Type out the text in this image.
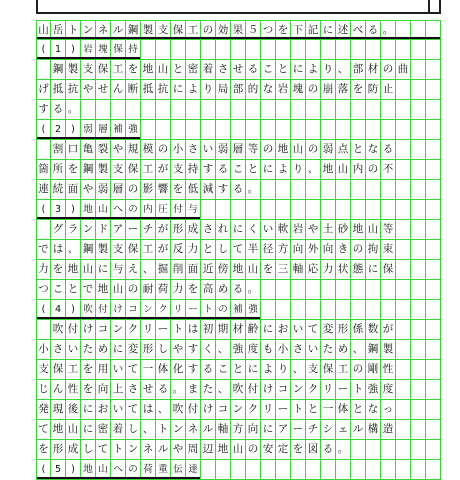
山 岳 ト ン ネ ル 鋼 製 支 保 工 の 効 果 ５ つ を 下 記 に 述 べ る 。
(	1	) 岩 塊 保 持
鋼 製 支 保 工 を 地 山 と 密 着 さ せ る こ と に よ り 、 部 材 の 曲
げ 抵 抗 や せ ん 断 抵 抗 に よ り 局 部 的 な 岩 塊 の 崩 落 を 防 止
す る 。
(	2	) 弱 層 補 強
割 口 亀 裂 や 規 模 の 小 さ い 弱 層 等 の 地 山 の 弱 点 と な る
箇 所 を 鋼 製 支 保 工 が 支 持 す る こ と に よ り 、 地 山 内 の 不
連 続 面 や 弱 層 の 影 響 を 低 減 す る 。
(	3	) 地 山 へ の 内 圧 付 与
グ ラ ン ド ア ー チ が 形 成 さ れ に く い 軟 岩 や 土 砂 地 山 等
で は 、 鋼 製 支 保 工 が 反 力 と し て 半 径 方 向 外 向 き の 拘 束
力 を 地 山 に 与 え 、 掘 削 面 近 傍 地 山 を 三 軸 応 力 状 態 に 保
つ こ と で 地 山 の 耐 荷 力 を 高 め る 。
(	4	) 吹 付 け コ ン ク リ ー ト の 補 強
吹 付 け コ ン ク リ ー ト は 初 期 材 齢 に お い て 変 形 係 数 が
小 さ い た め に 変 形 し や す く 、 強 度 も 小 さ い た め 、 鋼 製
支 保 工 を 用 い て 一 体 化 す る こ と に よ り 、 支 保 工 の 剛 性
じ ん 性 を 向 上 さ せ る 。 ま た 、 吹 付 け コ ン ク リ ー ト 強 度
発 現 後 に お い て は 、 吹 付 け コ ン ク リ ー ト と 一 体 と な っ
て 地 山 に 密 着 し 、 ト ン ネ ル 軸 方 向 に ア ー チ シ ェ ル 構 造
を 形 成 し て ト ン ネ ル や 周 辺 地 山 の 安 定 を 図 る 。
(	5	) 地 山 へ の 荷 重 伝 達
